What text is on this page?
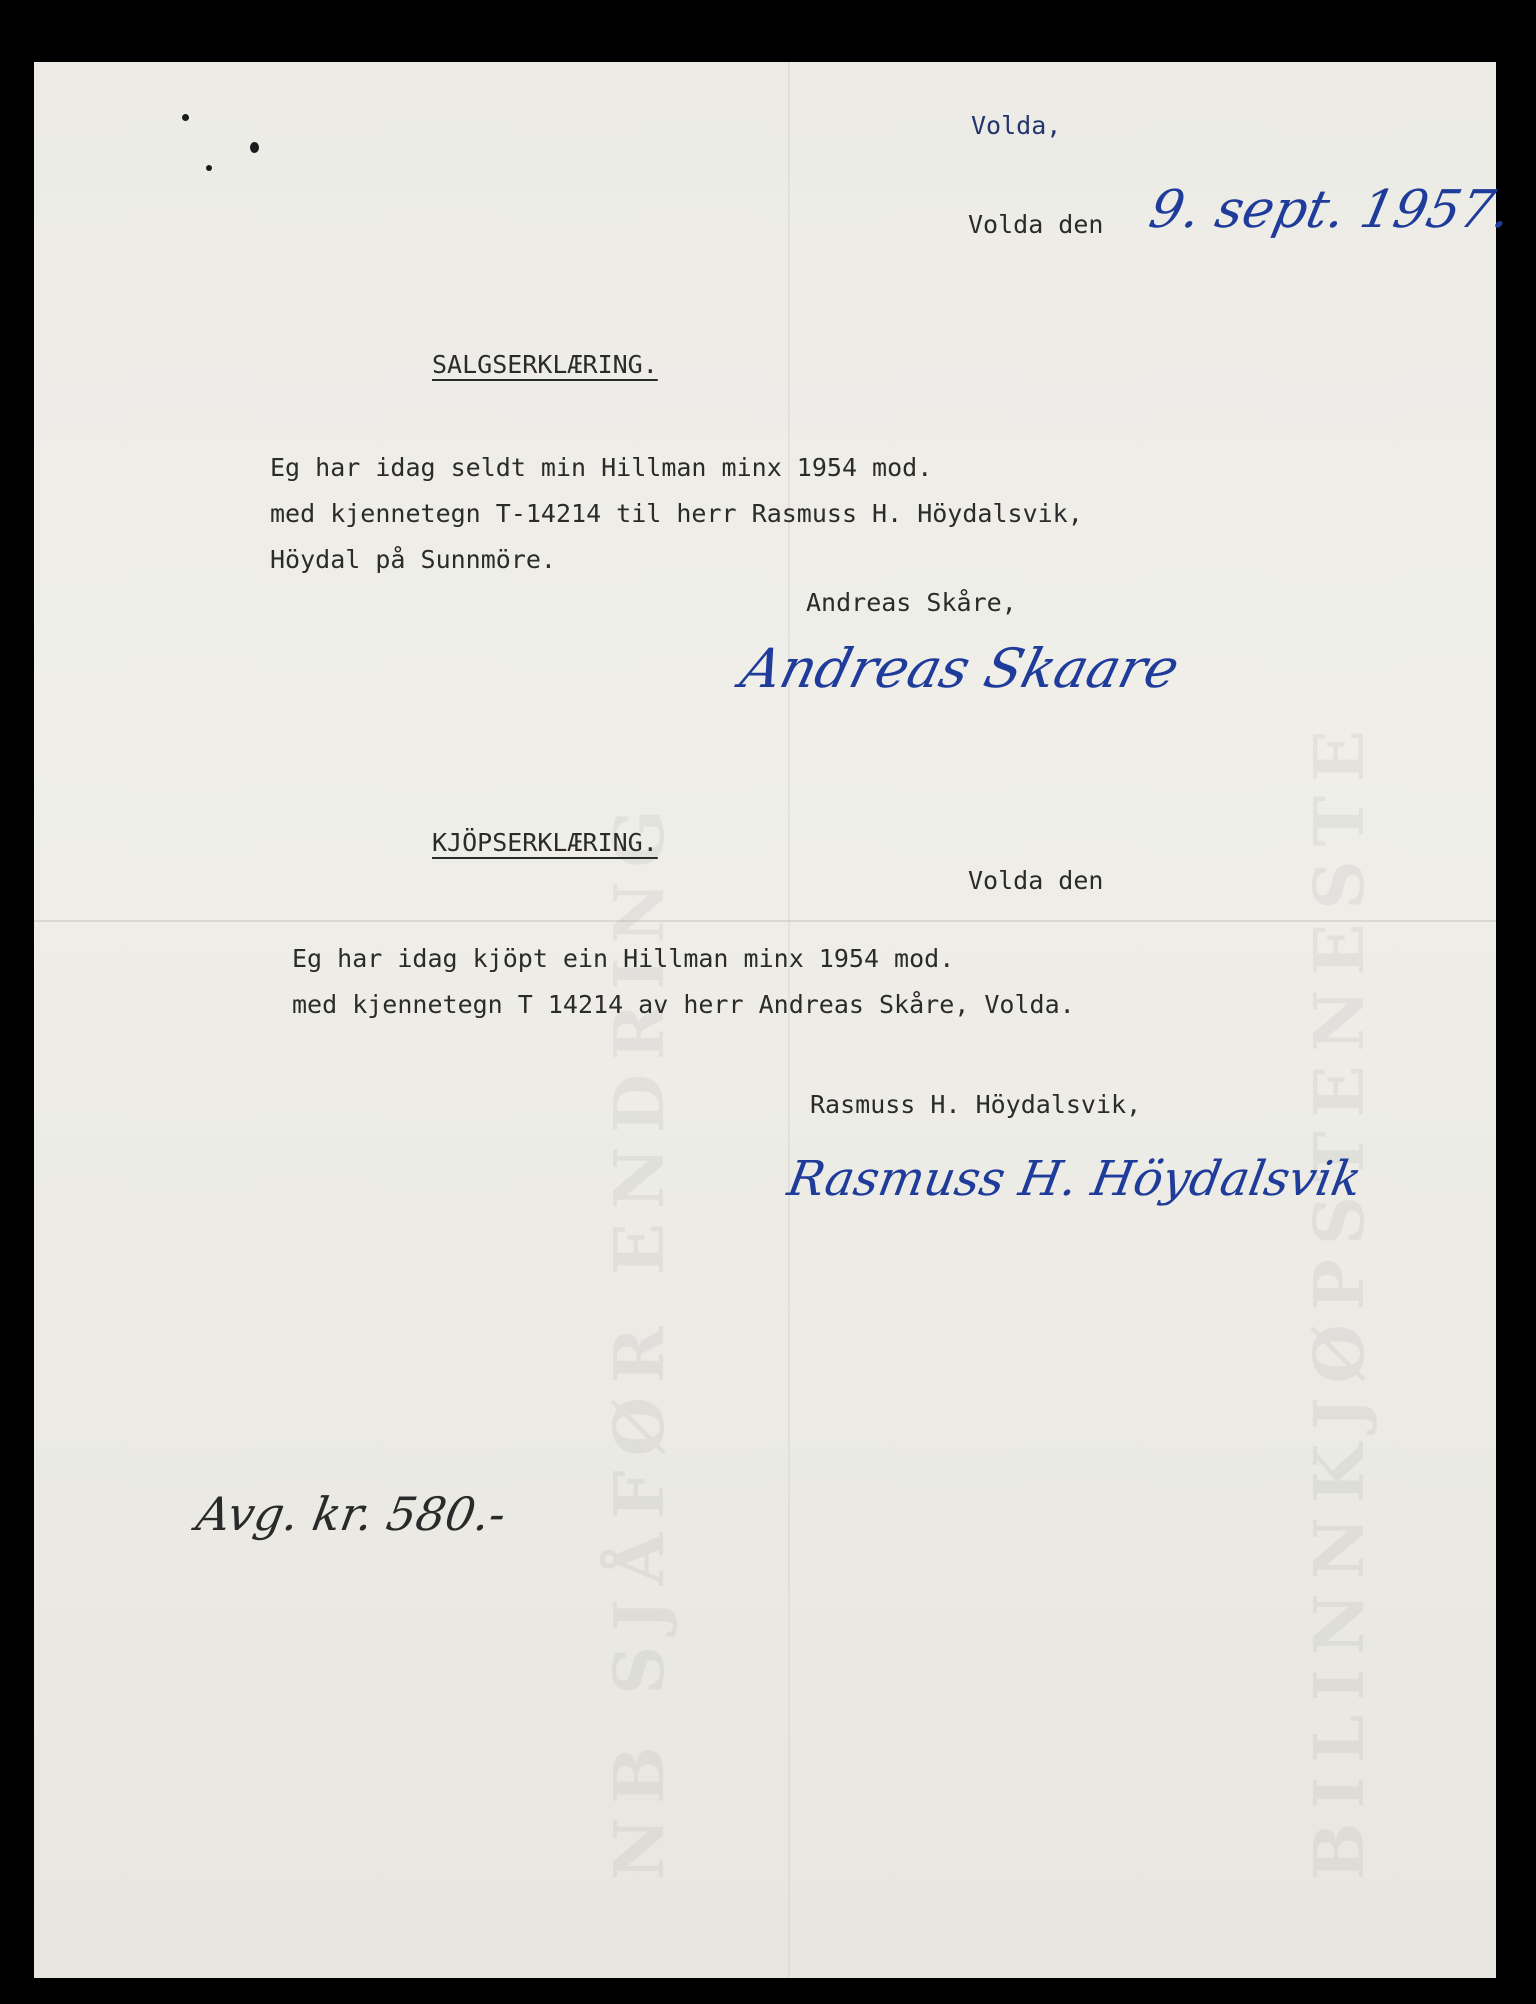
NB SJÅFØR ENDRING	BILINNKJØPSTENESTE
Volda,
Volda den 9. sept. 1957.
SALGSERKLÆRING.
Eg har idag seldt min Hillman minx 1954 mod.
med kjennetegn T-14214 til herr Rasmuss H. Höydalsvik,
Höydal på Sunnmöre.
Andreas Skåre,
Andreas Skaare
KJÖPSERKLÆRING.
Volda den
Eg har idag kjöpt ein Hillman minx 1954 mod.
med kjennetegn T 14214 av herr Andreas Skåre, Volda.
Rasmuss H. Höydalsvik,
Rasmuss H. Höydalsvik
Avg. kr. 580.-
